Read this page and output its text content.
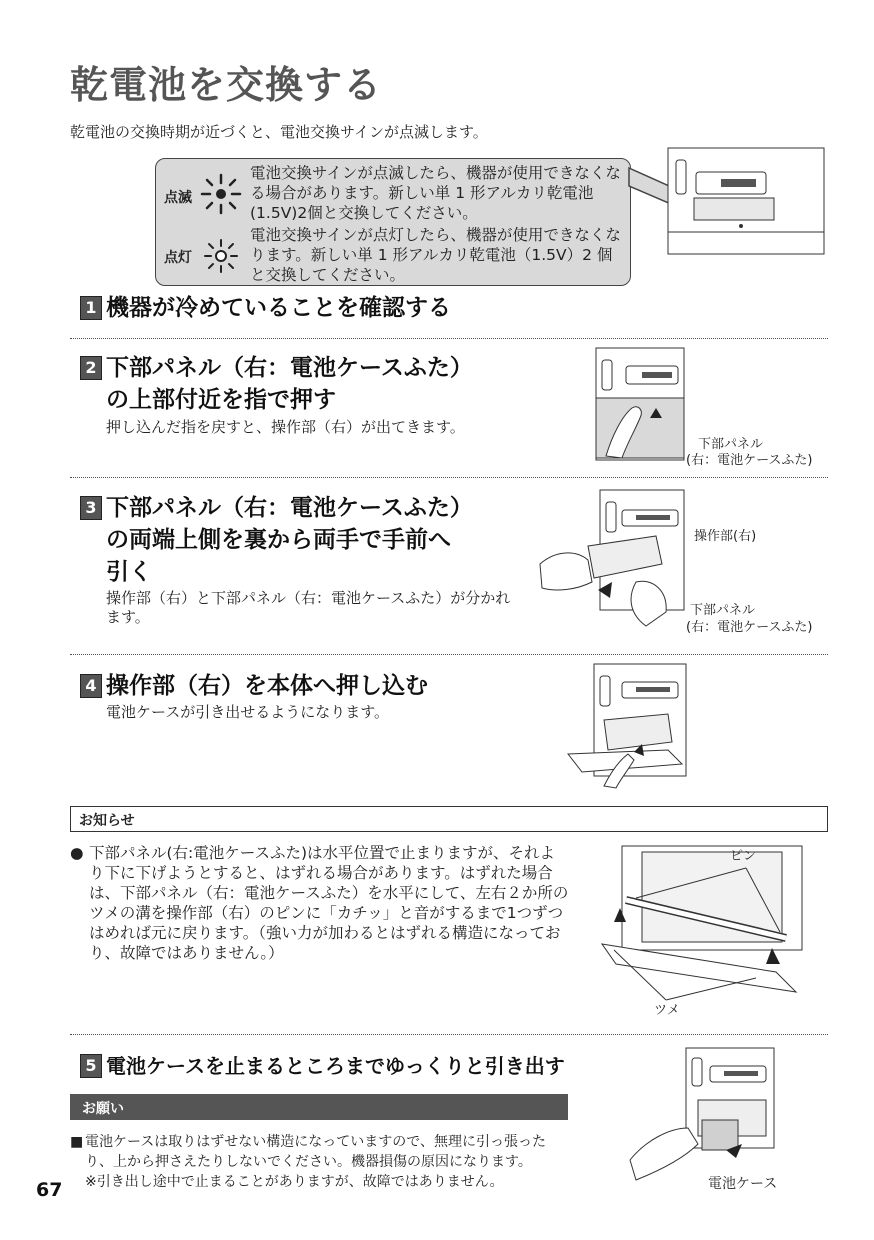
乾電池を交換する
乾電池の交換時期が近づくと、電池交換サインが点滅します。
点滅
電池交換サインが点滅したら、機器が使用できなくなる場合があります。新しい単 1 形アルカリ乾電池(1.5V)2個と交換してください。
点灯
電池交換サインが点灯したら、機器が使用できなくなります。新しい単 1 形アルカリ乾電池（1.5V）2 個と交換してください。
1 機器が冷めていることを確認する
2 下部パネル（右：電池ケースふた）
の上部付近を指で押す
押し込んだ指を戻すと、操作部（右）が出てきます。
下部パネル
(右：電池ケースふた)
3 下部パネル（右：電池ケースふた）
の両端上側を裏から両手で手前へ
引く
操作部（右）と下部パネル（右：電池ケースふた）が分かれます。
操作部(右)
下部パネル
(右：電池ケースふた)
4 操作部（右）を本体へ押し込む
電池ケースが引き出せるようになります。
お知らせ
● 下部パネル(右:電池ケースふた)は水平位置で止まりますが、それより下に下げようとすると、はずれる場合があります。はずれた場合は、下部パネル（右：電池ケースふた）を水平にして、左右２か所のツメの溝を操作部（右）のピンに「カチッ」と音がするまで1つずつはめれば元に戻ります。（強い力が加わるとはずれる構造になっており、故障ではありません。）
ピン
ツメ
5 電池ケースを止まるところまでゆっくりと引き出す
お願い
■ 電池ケースは取りはずせない構造になっていますので、無理に引っ張ったり、上から押さえたりしないでください。機器損傷の原因になります。
※引き出し途中で止まることがありますが、故障ではありません。	電池ケース
67
